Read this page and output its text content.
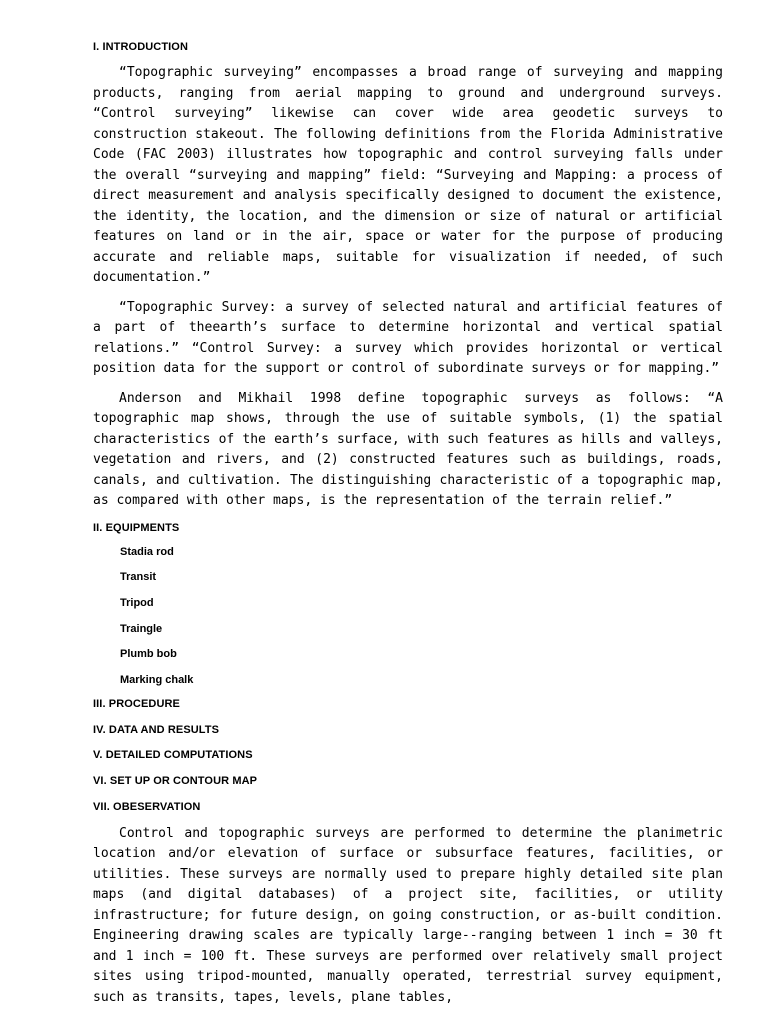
I. INTRODUCTION

“Topographic surveying” encompasses a broad range of surveying and mapping products, ranging from aerial mapping to ground and underground surveys. “Control surveying” likewise can cover wide area geodetic surveys to construction stakeout. The following definitions from the Florida Administrative Code (FAC 2003) illustrates how topographic and control surveying falls under the overall “surveying and mapping” field: “Surveying and Mapping: a process of direct measurement and analysis specifically designed to document the existence, the identity, the location, and the dimension or size of natural or artificial features on land or in the air, space or water for the purpose of producing accurate and reliable maps, suitable for visualization if needed, of such documentation.”

“Topographic Survey: a survey of selected natural and artificial features of a part of theearth’s surface to determine horizontal and vertical spatial relations.” “Control Survey: a survey which provides horizontal or vertical position data for the support or control of subordinate surveys or for mapping.”

Anderson and Mikhail 1998 define topographic surveys as follows: “A topographic map shows, through the use of suitable symbols, (1) the spatial characteristics of the earth’s surface, with such features as hills and valleys, vegetation and rivers, and (2) constructed features such as buildings, roads, canals, and cultivation. The distinguishing characteristic of a topographic map, as compared with other maps, is the representation of the terrain relief.”

II. EQUIPMENTS
Stadia rod
Transit
Tripod
Traingle
Plumb bob
Marking chalk
III. PROCEDURE
IV. DATA AND RESULTS
V. DETAILED COMPUTATIONS
VI. SET UP OR CONTOUR MAP
VII. OBESERVATION

Control and topographic surveys are performed to determine the planimetric location and/or elevation of surface or subsurface features, facilities, or utilities. These surveys are normally used to prepare highly detailed site plan maps (and digital databases) of a project site, facilities, or utility infrastructure; for future design, on going construction, or as-built condition. Engineering drawing scales are typically large--ranging between 1 inch = 30 ft and 1 inch = 100 ft. These surveys are performed over relatively small project sites using tripod-mounted, manually operated, terrestrial survey equipment, such as transits, tapes, levels, plane tables,
